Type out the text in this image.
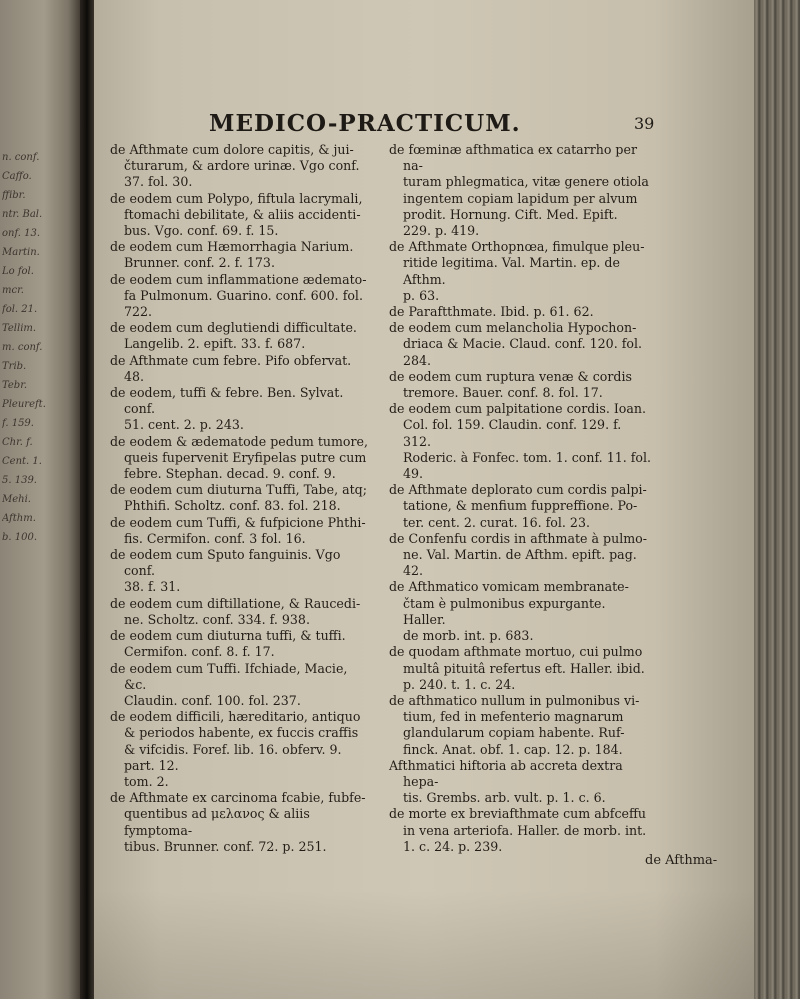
n. conf.
Caffo.
ffibr.
ntr. Bal.
onf. 13.
Martin.
Lo fol.
mcr.
fol. 21.
Tellim.
m. conf.
Trib.
Tebr.
Pleureft.
f. 159.
Chr. f.
Cent. 1.
5. 139.
Mehi.
Afthm.
b. 100.
MEDICO-PRACTICUM.	39

de Afthmate cum dolore capitis, & jui-
čturarum, & ardore urinæ. Vgo conf.
37. fol. 30.

de eodem cum Polypo, fiftula lacrymali,
ftomachi debilitate, & aliis accidenti-
bus. Vgo. conf. 69. f. 15.

de eodem cum Hæmorrhagia Narium.
Brunner. conf. 2. f. 173.

de eodem cum inflammatione ædemato-
fa Pulmonum. Guarino. conf. 600. fol.
722.

de eodem cum deglutiendi difficultate.
Langelib. 2. epift. 33. f. 687.

de Afthmate cum febre. Pifo obfervat.
48.

de eodem, tuffi & febre. Ben. Sylvat. conf.
51. cent. 2. p. 243.

de eodem & ædematode pedum tumore,
queis fupervenit Eryfipelas putre cum
febre. Stephan. decad. 9. conf. 9.

de eodem cum diuturna Tuffi, Tabe, atq;
Phthifi. Scholtz. conf. 83. fol. 218.

de eodem cum Tuffi, & fufpicione Phthi-
fis. Cermifon. conf. 3 fol. 16.

de eodem cum Sputo fanguinis. Vgo conf.
38. f. 31.

de eodem cum diftillatione, & Raucedi-
ne. Scholtz. conf. 334. f. 938.

de eodem cum diuturna tuffi, & tuffi.
Cermifon. conf. 8. f. 17.

de eodem cum Tuffi. Ifchiade, Macie, &c.
Claudin. conf. 100. fol. 237.

de eodem difficili, hæreditario, antiquo
& periodos habente, ex fuccis craffis
& vifcidis. Foref. lib. 16. obferv. 9. part. 12.
tom. 2.

de Afthmate ex carcinoma fcabie, fubfe-
quentibus ad μελανος & aliis fymptoma-
tibus. Brunner. conf. 72. p. 251.

de fœminæ afthmatica ex catarrho per na-
turam phlegmatica, vitæ genere otiola
ingentem copiam lapidum per alvum
prodit. Hornung. Cift. Med. Epift.
229. p. 419.

de Afthmate Orthopnœa, fimulque pleu-
ritide legitima. Val. Martin. ep. de Afthm.
p. 63.

de Paraftthmate. Ibid. p. 61. 62.

de eodem cum melancholia Hypochon-
driaca & Macie. Claud. conf. 120. fol.
284.

de eodem cum ruptura venæ & cordis
tremore. Bauer. conf. 8. fol. 17.

de eodem cum palpitatione cordis. Ioan.
Col. fol. 159. Claudin. conf. 129. f. 312.
Roderic. à Fonfec. tom. 1. conf. 11. fol.
49.

de Afthmate deplorato cum cordis palpi-
tatione, & menfium fuppreffione. Po-
ter. cent. 2. curat. 16. fol. 23.

de Confenfu cordis in afthmate à pulmo-
ne. Val. Martin. de Afthm. epift. pag.
42.

de Afthmatico vomicam membranate-
čtam è pulmonibus expurgante. Haller.
de morb. int. p. 683.

de quodam afthmate mortuo, cui pulmo
multâ pituitâ refertus eft. Haller. ibid.
p. 240. t. 1. c. 24.

de afthmatico nullum in pulmonibus vi-
tium, fed in mefenterio magnarum
glandularum copiam habente. Ruf-
finck. Anat. obf. 1. cap. 12. p. 184.

Afthmatici hiftoria ab accreta dextra hepa-
tis. Grembs. arb. vult. p. 1. c. 6.

de morte ex breviafthmate cum abfceffu
in vena arteriofa. Haller. de morb. int.
1. c. 24. p. 239.

de Afthma-
